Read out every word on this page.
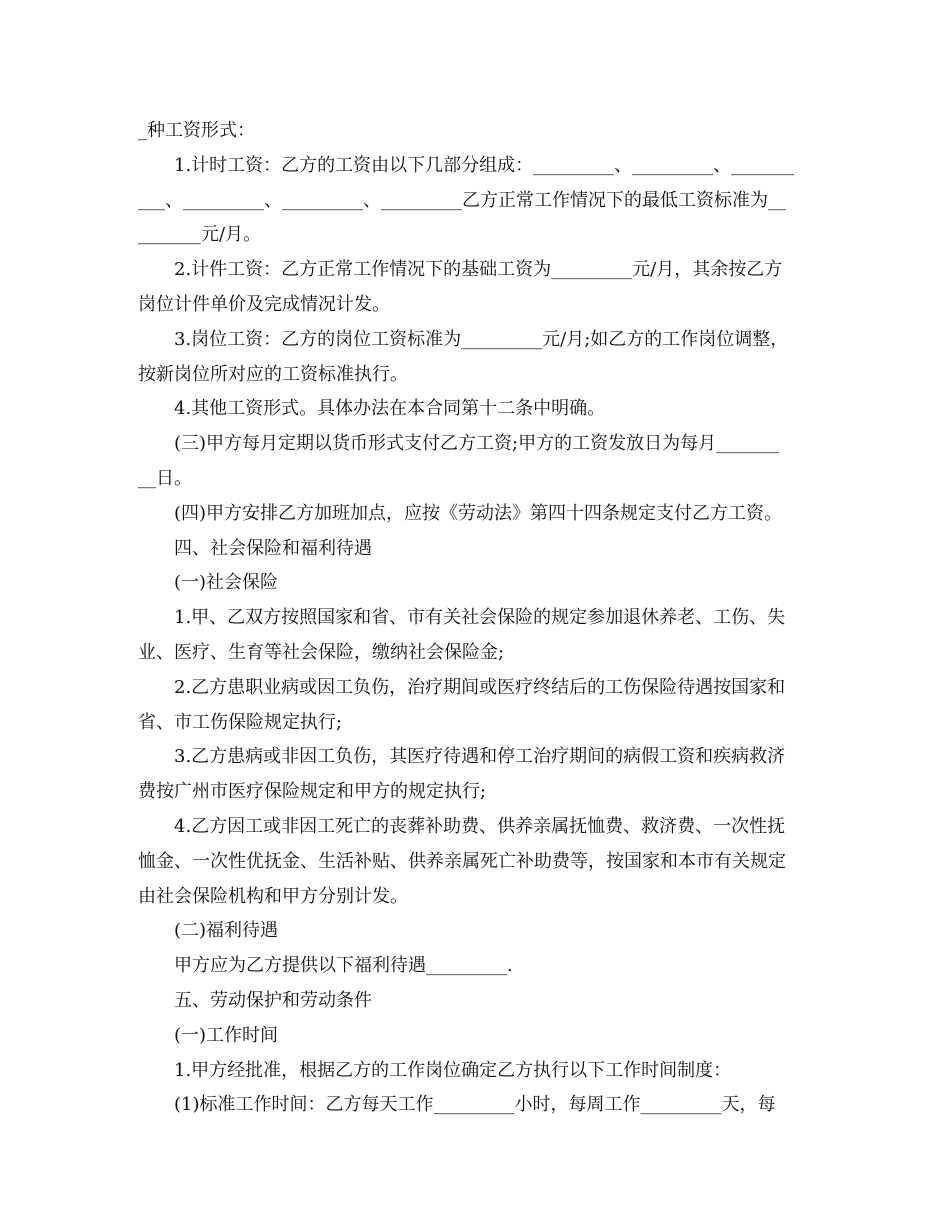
_种工资形式：
1.计时工资：乙方的工资由以下几部分组成：_________、_________、_______
___、_________、_________、_________乙方正常工作情况下的最低工资标准为__
_______元/月。
2.计件工资：乙方正常工作情况下的基础工资为_________元/月，其余按乙方
岗位计件单价及完成情况计发。
3.岗位工资：乙方的岗位工资标准为_________元/月;如乙方的工作岗位调整，
按新岗位所对应的工资标准执行。
4.其他工资形式。具体办法在本合同第十二条中明确。
(三)甲方每月定期以货币形式支付乙方工资;甲方的工资发放日为每月_______
__日。
(四)甲方安排乙方加班加点，应按《劳动法》第四十四条规定支付乙方工资。
四、社会保险和福利待遇
(一)社会保险
1.甲、乙双方按照国家和省、市有关社会保险的规定参加退休养老、工伤、失
业、医疗、生育等社会保险，缴纳社会保险金;
2.乙方患职业病或因工负伤，治疗期间或医疗终结后的工伤保险待遇按国家和
省、市工伤保险规定执行;
3.乙方患病或非因工负伤，其医疗待遇和停工治疗期间的病假工资和疾病救济
费按广州市医疗保险规定和甲方的规定执行;
4.乙方因工或非因工死亡的丧葬补助费、供养亲属抚恤费、救济费、一次性抚
恤金、一次性优抚金、生活补贴、供养亲属死亡补助费等，按国家和本市有关规定
由社会保险机构和甲方分别计发。
(二)福利待遇
甲方应为乙方提供以下福利待遇_________.
五、劳动保护和劳动条件
(一)工作时间
1.甲方经批准，根据乙方的工作岗位确定乙方执行以下工作时间制度：
(1)标准工作时间：乙方每天工作_________小时，每周工作_________天，每
